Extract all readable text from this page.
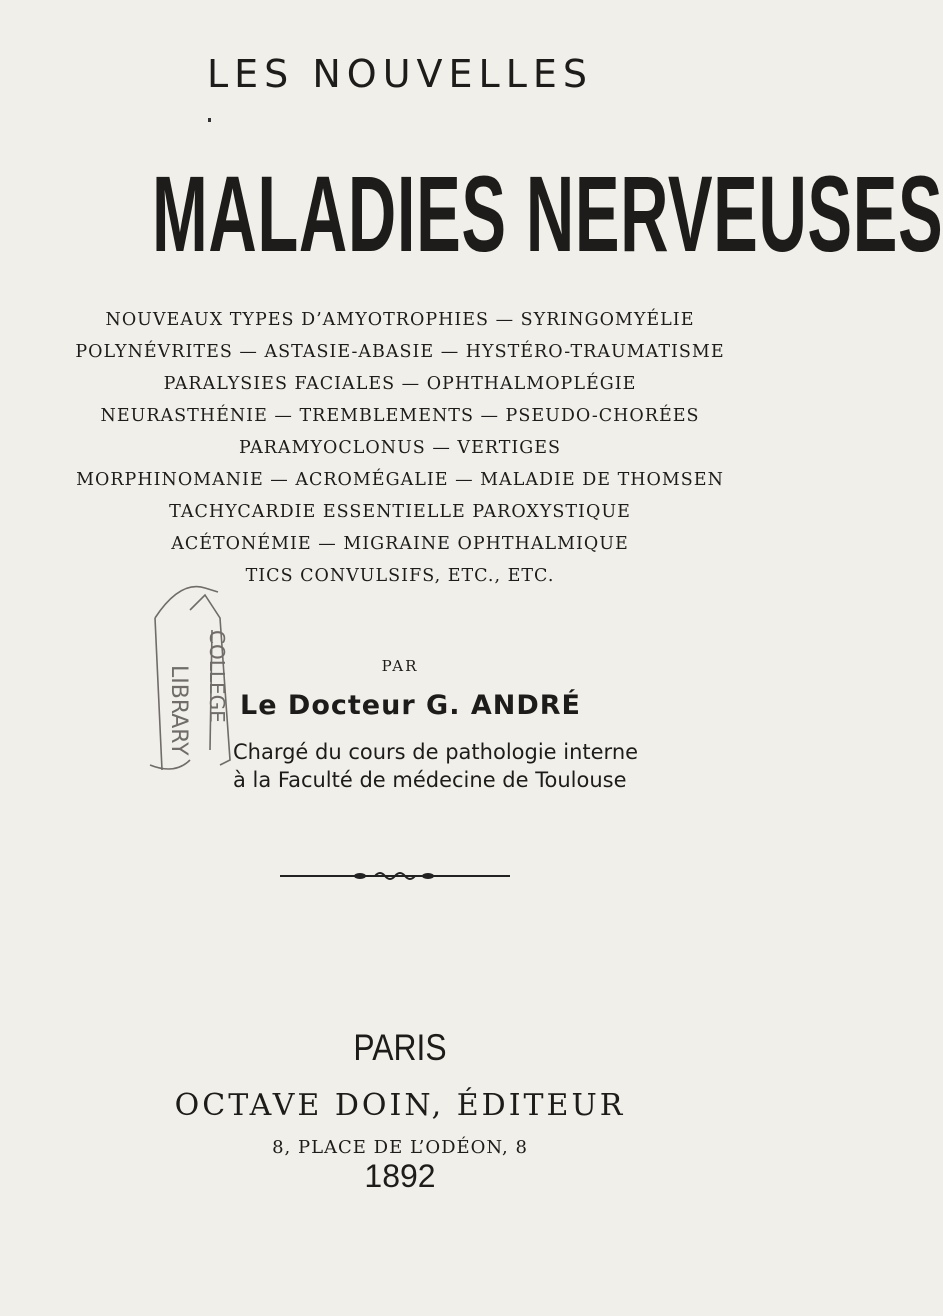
LES NOUVELLES
MALADIES NERVEUSES
NOUVEAUX TYPES D’AMYOTROPHIES — SYRINGOMYÉLIE
POLYNÉVRITES — ASTASIE-ABASIE — HYSTÉRO-TRAUMATISME
PARALYSIES FACIALES — OPHTHALMOPLÉGIE
NEURASTHÉNIE — TREMBLEMENTS — PSEUDO-CHORÉES
PARAMYOCLONUS — VERTIGES
MORPHINOMANIE — ACROMÉGALIE — MALADIE DE THOMSEN
TACHYCARDIE ESSENTIELLE PAROXYSTIQUE
ACÉTONÉMIE — MIGRAINE OPHTHALMIQUE
TICS CONVULSIFS, ETC., ETC.
LIBRARY COLLEGE	PAR
Le Docteur G. ANDRÉ
Chargé du cours de pathologie interne
à la Faculté de médecine de Toulouse
PARIS
OCTAVE DOIN, ÉDITEUR
8, PLACE DE L’ODÉON, 8
1892
